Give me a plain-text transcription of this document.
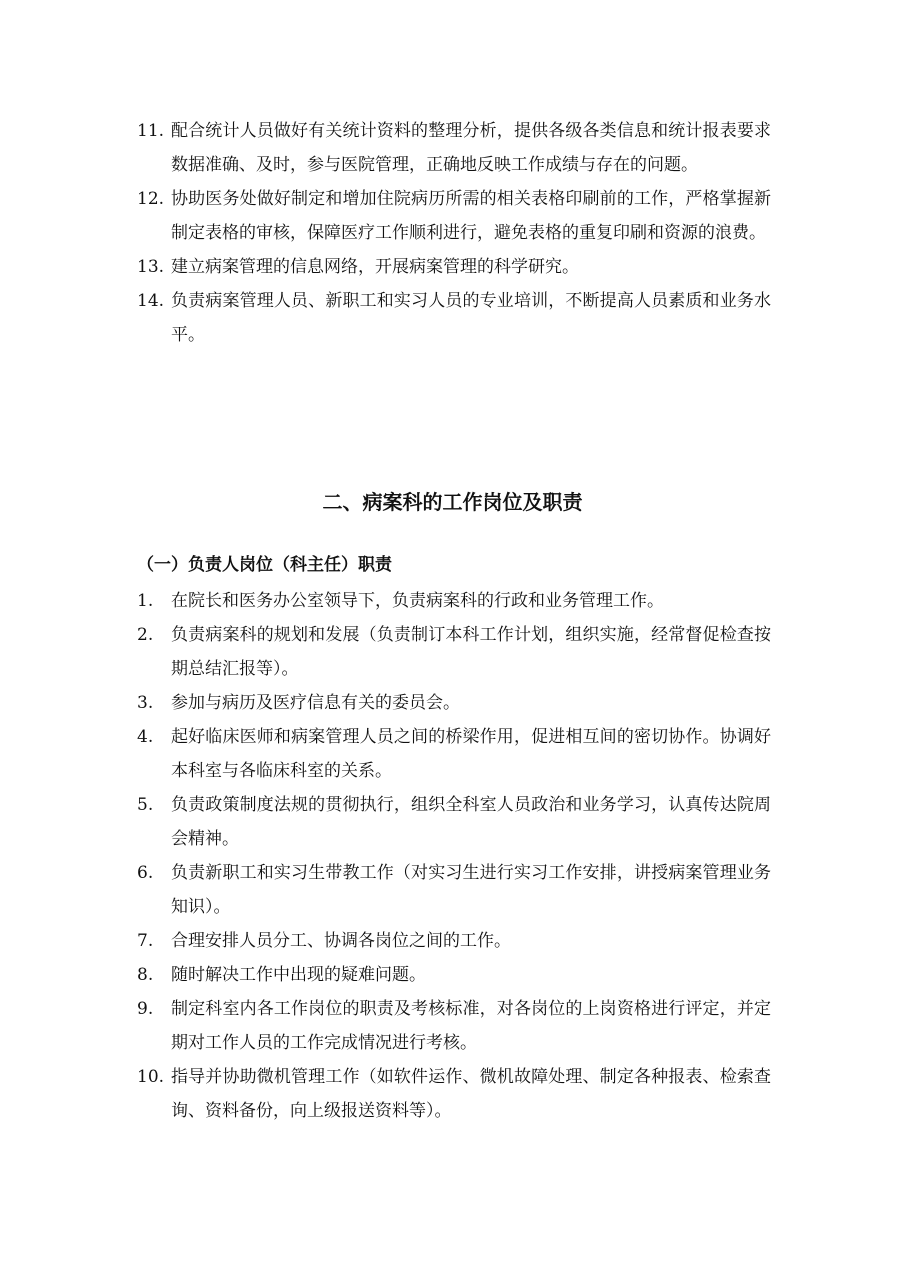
11. 配合统计人员做好有关统计资料的整理分析，提供各级各类信息和统计报表要求数据准确、及时，参与医院管理，正确地反映工作成绩与存在的问题。
12. 协助医务处做好制定和增加住院病历所需的相关表格印刷前的工作，严格掌握新制定表格的审核，保障医疗工作顺利进行，避免表格的重复印刷和资源的浪费。
13. 建立病案管理的信息网络，开展病案管理的科学研究。
14. 负责病案管理人员、新职工和实习人员的专业培训，不断提高人员素质和业务水平。
二、病案科的工作岗位及职责
（一）负责人岗位（科主任）职责
1.	在院长和医务办公室领导下，负责病案科的行政和业务管理工作。
2.	负责病案科的规划和发展（负责制订本科工作计划，组织实施，经常督促检查按期总结汇报等）。
3.	参加与病历及医疗信息有关的委员会。
4.	起好临床医师和病案管理人员之间的桥梁作用，促进相互间的密切协作。协调好本科室与各临床科室的关系。
5.	负责政策制度法规的贯彻执行，组织全科室人员政治和业务学习，认真传达院周会精神。
6.	负责新职工和实习生带教工作（对实习生进行实习工作安排，讲授病案管理业务知识）。
7.	合理安排人员分工、协调各岗位之间的工作。
8.	随时解决工作中出现的疑难问题。
9.	制定科室内各工作岗位的职责及考核标准，对各岗位的上岗资格进行评定，并定期对工作人员的工作完成情况进行考核。
10. 指导并协助微机管理工作（如软件运作、微机故障处理、制定各种报表、检索查询、资料备份，向上级报送资料等）。
